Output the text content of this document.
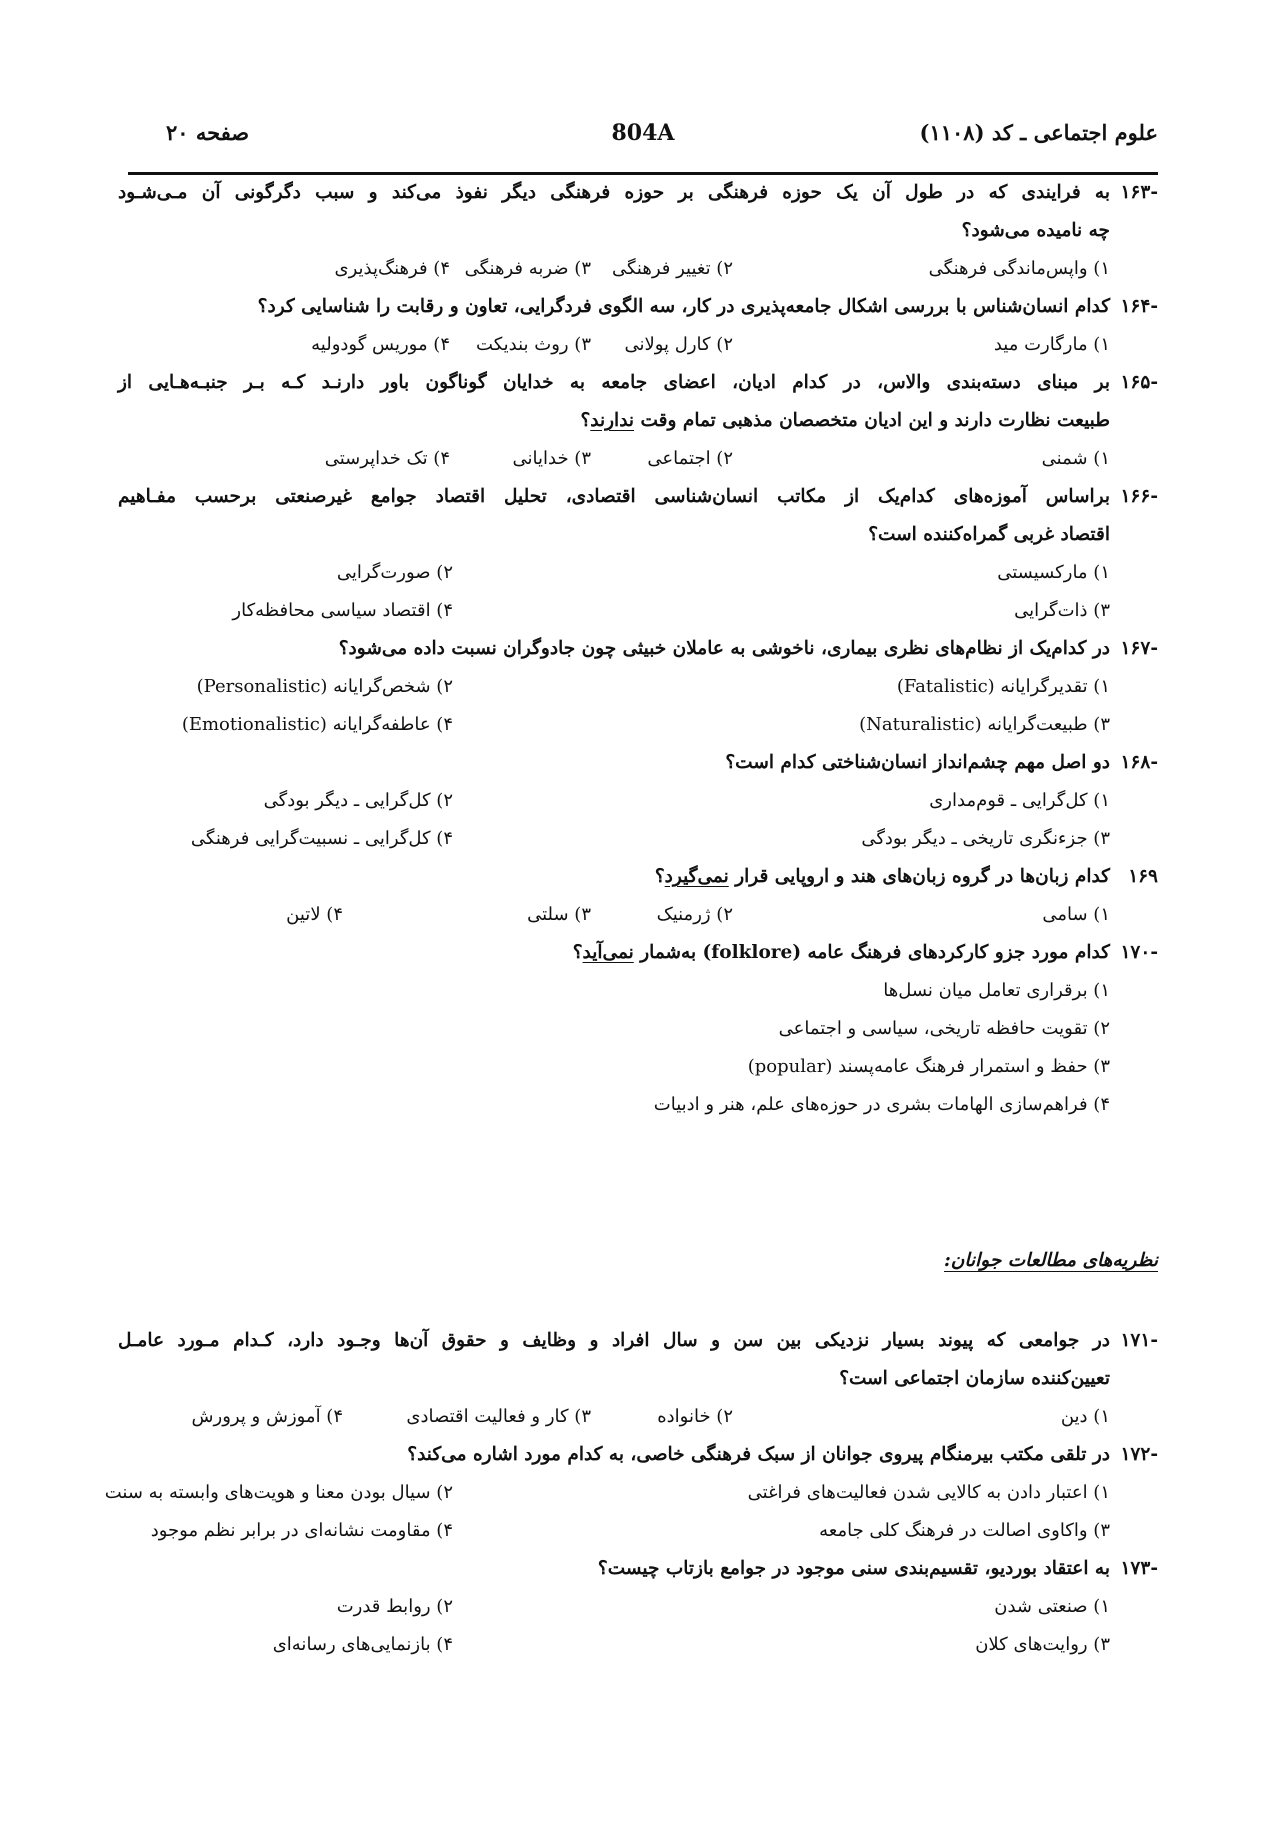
علوم اجتماعی ـ کد (۱۱۰۸)
804A
صفحه ۲۰
-۱۶۳
به فرایندی که در طول آن یک حوزه فرهنگی بر حوزه فرهنگی دیگر نفوذ می‌کند و سبب دگرگونی آن مـی‌شـود
چه نامیده می‌شود؟
۱) واپس‌ماندگی فرهنگی
۲) تغییر فرهنگی
۳) ضربه فرهنگی
۴) فرهنگ‌پذیری
-۱۶۴
کدام انسان‌شناس با بررسی اشکال جامعه‌پذیری در کار، سه الگوی فردگرایی، تعاون و رقابت را شناسایی کرد؟
۱) مارگارت مید
۲) کارل پولانی
۳) روث بندیکت
۴) موریس گودولیه
-۱۶۵
بر مبنای دسته‌بندی والاس، در کدام ادیان، اعضای جامعه به خدایان گوناگون باور دارنـد کـه بـر جنبـه‌هـایی از
طبیعت نظارت دارند و این ادیان متخصصان مذهبی تمام وقت ندارند؟
۱) شمنی
۲) اجتماعی
۳) خدایانی
۴) تک خداپرستی
-۱۶۶
براساس آموزه‌های کدام‌یک از مکاتب انسان‌شناسی اقتصادی، تحلیل اقتصاد جوامع غیرصنعتی برحسب مفـاهیم
اقتصاد غربی گمراه‌کننده است؟
۱) مارکسیستی
۲) صورت‌گرایی
۳) ذات‌گرایی
۴) اقتصاد سیاسی محافظه‌کار
-۱۶۷
در کدام‌یک از نظام‌های نظری بیماری، ناخوشی به عاملان خبیثی چون جادوگران نسبت داده می‌شود؟
۱) تقدیرگرایانه (Fatalistic)
۲) شخص‌گرایانه (Personalistic)
۳) طبیعت‌گرایانه (Naturalistic)
۴) عاطفه‌گرایانه (Emotionalistic)
-۱۶۸
دو اصل مهم چشم‌انداز انسان‌شناختی کدام است؟
۱) کل‌گرایی ـ قوم‌مداری
۲) کل‌گرایی ـ دیگر بودگی
۳) جزءنگری تاریخی ـ دیگر بودگی
۴) کل‌گرایی ـ نسبیت‌گرایی فرهنگی
۱۶۹
کدام زبان‌ها در گروه زبان‌های هند و اروپایی قرار نمی‌گیرد؟
۱) سامی
۲) ژرمنیک
۳) سلتی
۴) لاتین
-۱۷۰
کدام مورد جزو کارکردهای فرهنگ عامه (folklore) به‌شمار نمی‌آید؟
۱) برقراری تعامل میان نسل‌ها
۲) تقویت حافظه تاریخی، سیاسی و اجتماعی
۳) حفظ و استمرار فرهنگ عامه‌پسند (popular)
۴) فراهم‌سازی الهامات بشری در حوزه‌های علم، هنر و ادبیات
نظریه‌های مطالعات جوانان:
-۱۷۱
در جوامعی که پیوند بسیار نزدیکی بین سن و سال افراد و وظایف و حقوق آن‌ها وجـود دارد، کـدام مـورد عامـل
تعیین‌کننده سازمان اجتماعی است؟
۱) دین
۲) خانواده
۳) کار و فعالیت اقتصادی
۴) آموزش و پرورش
-۱۷۲
در تلقی مکتب بیرمنگام پیروی جوانان از سبک فرهنگی خاصی، به کدام مورد اشاره می‌کند؟
۱) اعتبار دادن به کالایی شدن فعالیت‌های فراغتی
۲) سیال بودن معنا و هویت‌های وابسته به سنت
۳) واکاوی اصالت در فرهنگ کلی جامعه
۴) مقاومت نشانه‌ای در برابر نظم موجود
-۱۷۳
به اعتقاد بوردیو، تقسیم‌بندی سنی موجود در جوامع بازتاب چیست؟
۱) صنعتی شدن
۲) روابط قدرت
۳) روایت‌های کلان
۴) بازنمایی‌های رسانه‌ای
